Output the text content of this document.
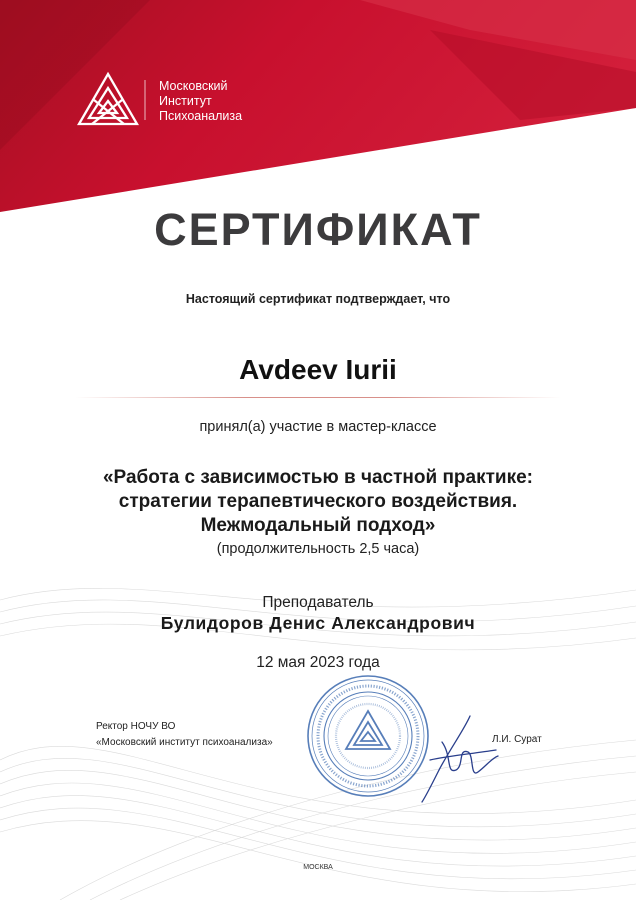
Московский
Институт
Психоанализа
СЕРТИФИКАТ
Настоящий сертификат подтверждает, что
Avdeev Iurii
принял(а) участие в мастер-классе
«Работа с зависимостью в частной практике:
стратегии терапевтического воздействия.
Межмодальный подход»
(продолжительность 2,5 часа)
Преподаватель
Булидоров Денис Александрович
12 мая 2023 года
Ректор НОЧУ ВО
«Московский институт психоанализа»	Л.И. Сурат
МОСКВА
